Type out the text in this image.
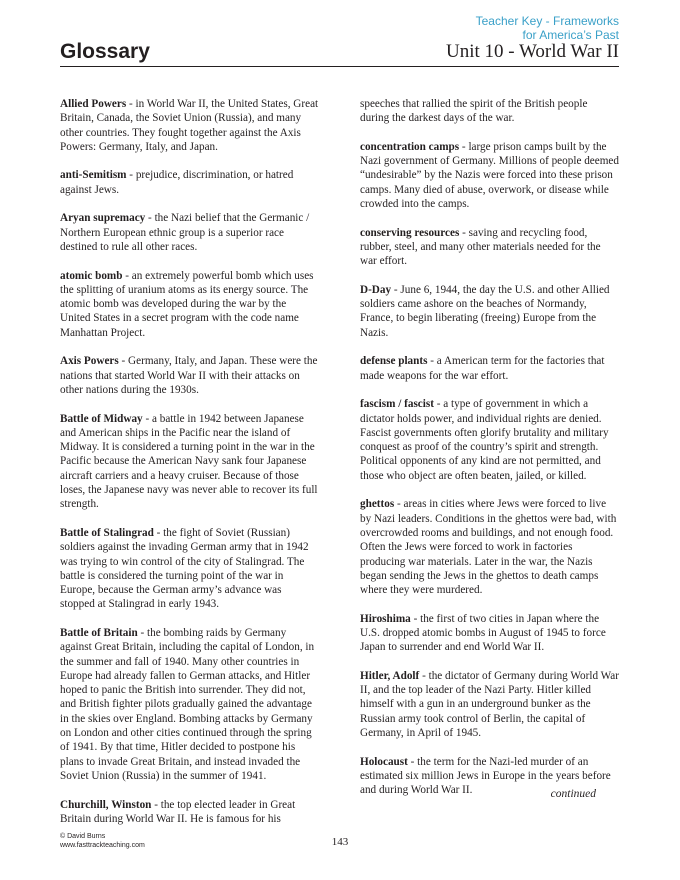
Teacher Key - Frameworks
for America’s Past
Glossary	Unit 10 - World War II

Allied Powers - in World War II, the United States, Great Britain, Canada, the Soviet Union (Russia), and many other countries. They fought together against the Axis Powers: Germany, Italy, and Japan.

anti-Semitism - prejudice, discrimination, or hatred against Jews.

Aryan supremacy - the Nazi belief that the Germanic / Northern European ethnic group is a superior race destined to rule all other races.

atomic bomb - an extremely powerful bomb which uses the splitting of uranium atoms as its energy source. The atomic bomb was developed during the war by the United States in a secret program with the code name Manhattan Project.

Axis Powers - Germany, Italy, and Japan. These were the nations that started World War II with their attacks on other nations during the 1930s.

Battle of Midway - a battle in 1942 between Japanese and American ships in the Pacific near the island of Midway. It is considered a turning point in the war in the Pacific because the American Navy sank four Japanese aircraft carriers and a heavy cruiser. Because of those loses, the Japanese navy was never able to recover its full strength.

Battle of Stalingrad - the fight of Soviet (Russian) soldiers against the invading German army that in 1942 was trying to win control of the city of Stalingrad. The battle is considered the turning point of the war in Europe, because the German army’s advance was stopped at Stalingrad in early 1943.

Battle of Britain - the bombing raids by Germany against Great Britain, including the capital of London, in the summer and fall of 1940. Many other countries in Europe had already fallen to German attacks, and Hitler hoped to panic the British into surrender. They did not, and British fighter pilots gradually gained the advantage in the skies over England. Bombing attacks by Germany on London and other cities continued through the spring of 1941. By that time, Hitler decided to postpone his plans to invade Great Britain, and instead invaded the Soviet Union (Russia) in the summer of 1941.

Churchill, Winston - the top elected leader in Great Britain during World War II. He is famous for his

speeches that rallied the spirit of the British people during the darkest days of the war.

concentration camps - large prison camps built by the Nazi government of Germany. Millions of people deemed “undesirable” by the Nazis were forced into these prison camps. Many died of abuse, overwork, or disease while crowded into the camps.

conserving resources - saving and recycling food, rubber, steel, and many other materials needed for the war effort.

D-Day - June 6, 1944, the day the U.S. and other Allied soldiers came ashore on the beaches of Normandy, France, to begin liberating (freeing) Europe from the Nazis.

defense plants - a American term for the factories that made weapons for the war effort.

fascism / fascist - a type of government in which a dictator holds power, and individual rights are denied. Fascist governments often glorify brutality and military conquest as proof of the country’s spirit and strength. Political opponents of any kind are not permitted, and those who object are often beaten, jailed, or killed.

ghettos - areas in cities where Jews were forced to live by Nazi leaders. Conditions in the ghettos were bad, with overcrowded rooms and buildings, and not enough food. Often the Jews were forced to work in factories producing war materials. Later in the war, the Nazis began sending the Jews in the ghettos to death camps where they were murdered.

Hiroshima - the first of two cities in Japan where the U.S. dropped atomic bombs in August of 1945 to force Japan to surrender and end World War II.

Hitler, Adolf - the dictator of Germany during World War II, and the top leader of the Nazi Party. Hitler killed himself with a gun in an underground bunker as the Russian army took control of Berlin, the capital of Germany, in April of 1945.

Holocaust - the term for the Nazi-led murder of an estimated six million Jews in Europe in the years before and during World War II.	continued
© David Burns
www.fasttrackteaching.com	143
